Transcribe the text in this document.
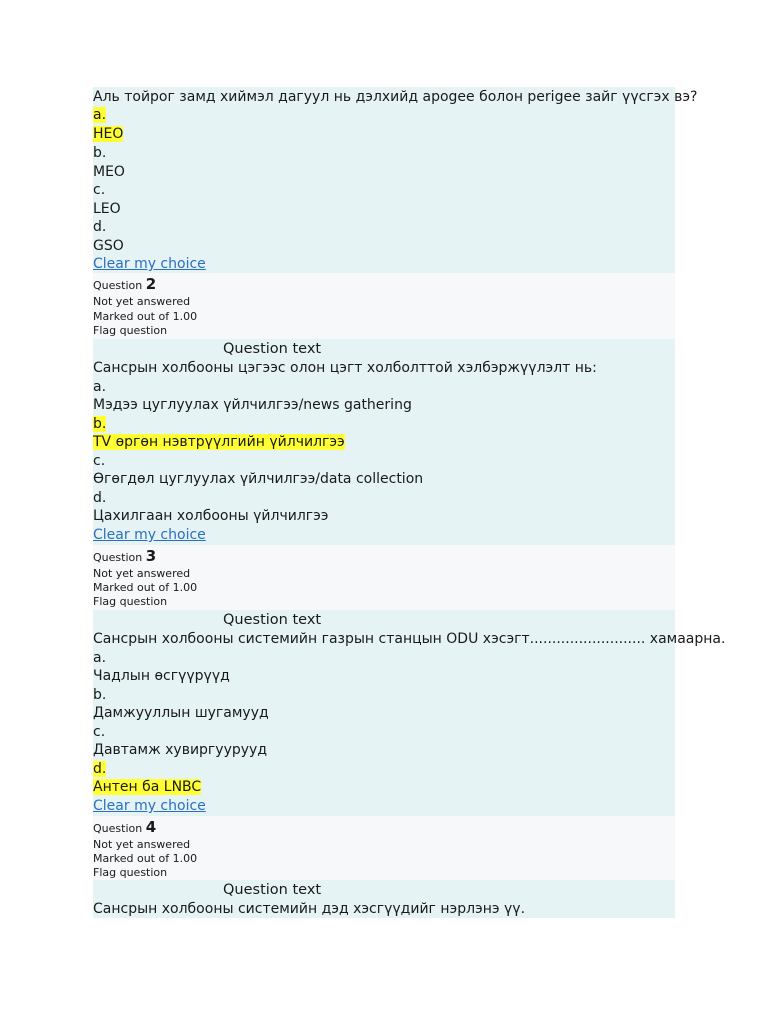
Аль тойрог замд хиймэл дагуул нь дэлхийд apogee болон perigee зайг үүсгэх вэ?
a.
HEO
b.
MEO
c.
LEO
d.
GSO
Clear my choice
Question 2
Not yet answered
Marked out of 1.00
Flag question
Question text
Сансрын холбооны цэгээс олон цэгт холболттой хэлбэржүүлэлт нь:
a.
Мэдээ цуглуулах үйлчилгээ/news gathering
b.
TV өргөн нэвтрүүлгийн үйлчилгээ
c.
Өгөгдөл цуглуулах үйлчилгээ/data collection
d.
Цахилгаан холбооны үйлчилгээ
Clear my choice
Question 3
Not yet answered
Marked out of 1.00
Flag question
Question text
Сансрын холбооны системийн газрын станцын ODU хэсэгт.......................... хамаарна.
a.
Чадлын өсгүүрүүд
b.
Дамжууллын шугамууд
c.
Давтамж хувиргуурууд
d.
Антен ба LNBC
Clear my choice
Question 4
Not yet answered
Marked out of 1.00
Flag question
Question text
Сансрын холбооны системийн дэд хэсгүүдийг нэрлэнэ үү.
